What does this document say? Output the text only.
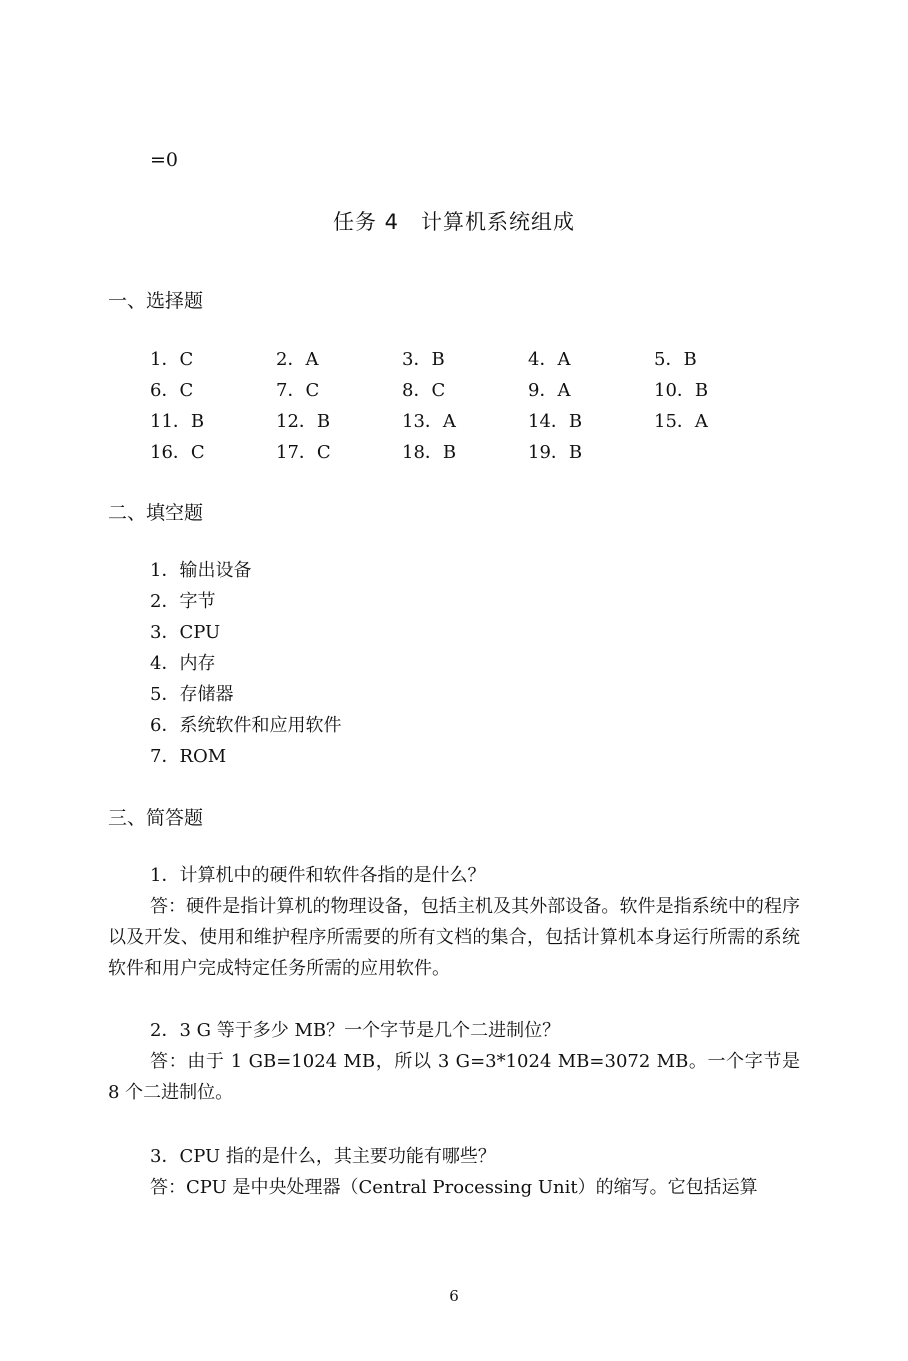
=0
任务 4　计算机系统组成
一、选择题
1．C	2．A	3．B	4．A	5．B
6．C	7．C	8．C	9．A	10．B
11．B	12．B	13．A	14．B	15．A
16．C	17．C	18．B	19．B
二、填空题
1．输出设备
2．字节
3．CPU
4．内存
5．存储器
6．系统软件和应用软件
7．ROM
三、简答题
1．计算机中的硬件和软件各指的是什么？
答：硬件是指计算机的物理设备，包括主机及其外部设备。软件是指系统中的程序以及开发、使用和维护程序所需要的所有文档的集合，包括计算机本身运行所需的系统软件和用户完成特定任务所需的应用软件。
2．3 G 等于多少 MB？一个字节是几个二进制位？
答：由于 1 GB=1024 MB，所以 3 G=3*1024 MB=3072 MB。一个字节是 8 个二进制位。
3．CPU 指的是什么，其主要功能有哪些？
答：CPU 是中央处理器（Central Processing Unit）的缩写。它包括运算
6
